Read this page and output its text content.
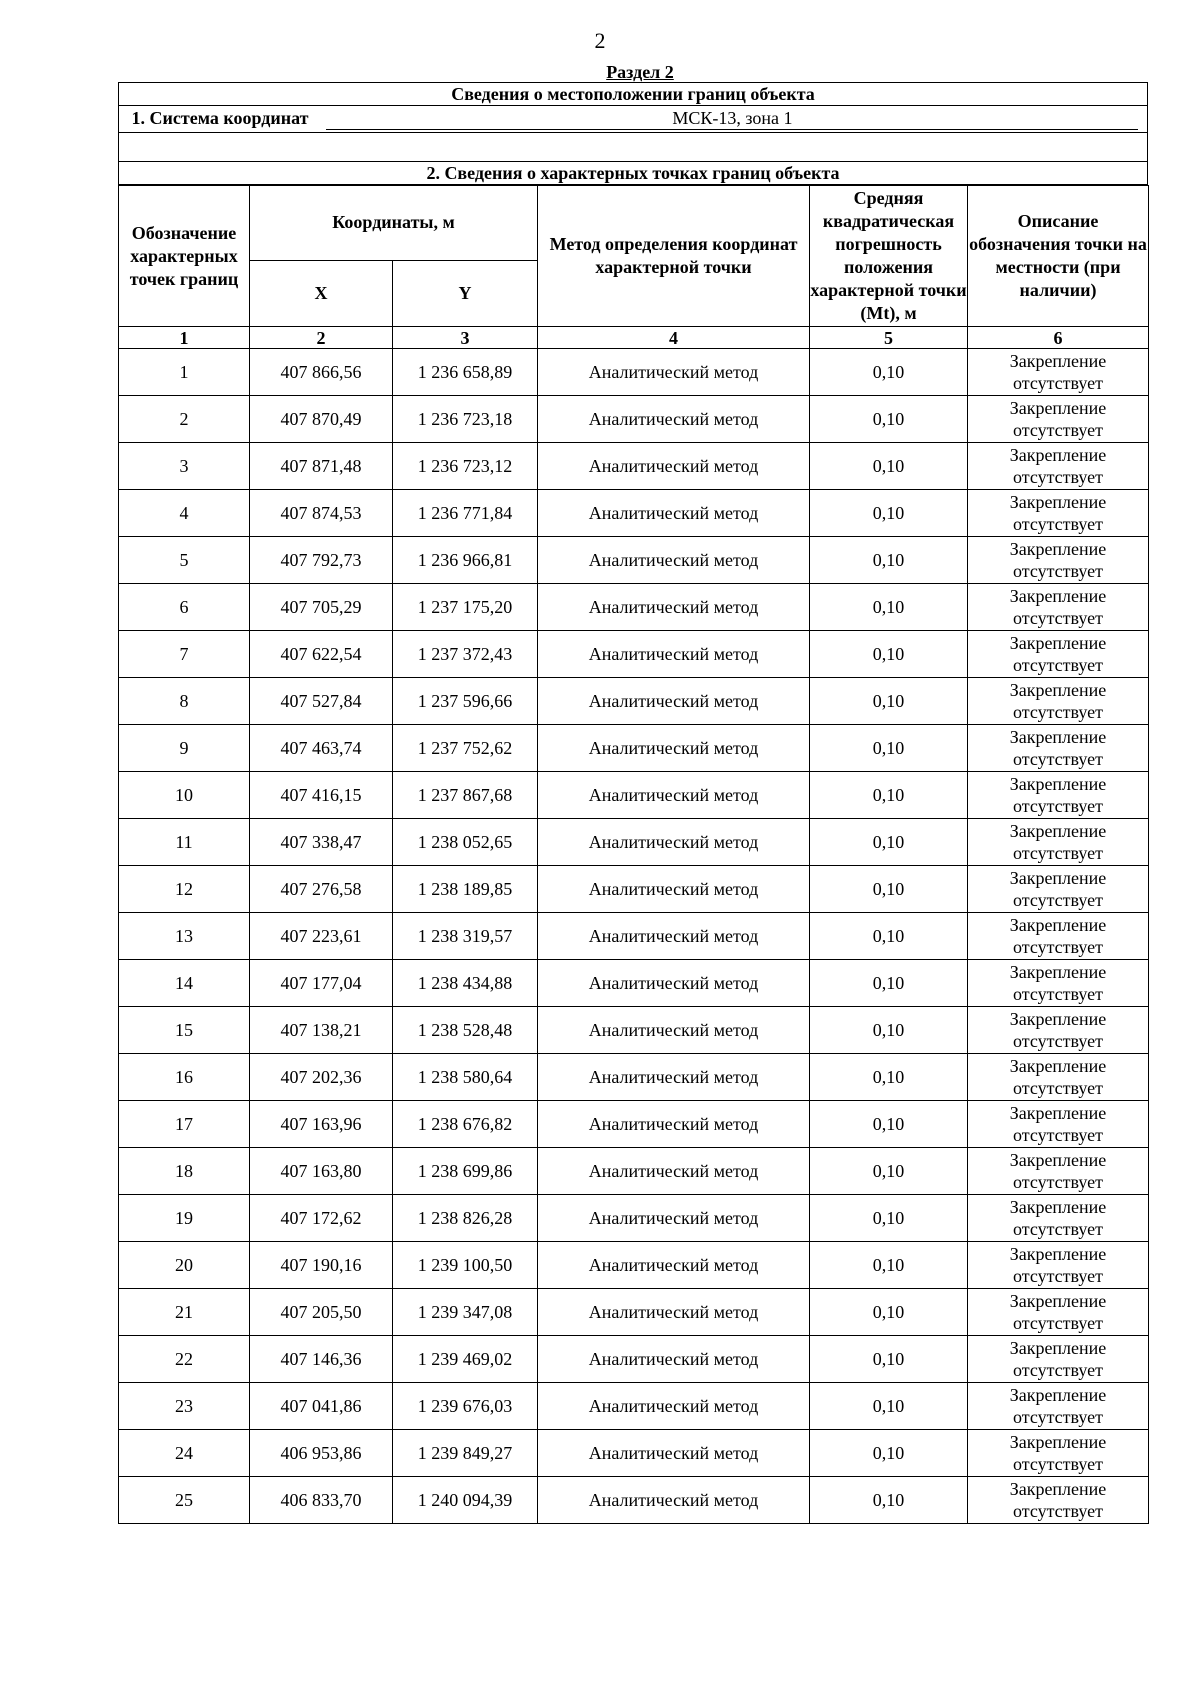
2
Раздел 2
Сведения о местоположении границ объекта
1. Система координат	МСК-13, зона 1

2. Сведения о характерных точках границ объекта
Обозначение характерных точек границ	Координаты, м		Метод определения координат характерной точки	Средняя квадратическая погрешность положения характерной точки (Mt), м	Описание обозначения точки на местности (при наличии)
	X	Y			
1	2	3	4	5	6
1	407 866,56	1 236 658,89	Аналитический метод	0,10	Закрепление отсутствует
2	407 870,49	1 236 723,18	Аналитический метод	0,10	Закрепление отсутствует
3	407 871,48	1 236 723,12	Аналитический метод	0,10	Закрепление отсутствует
4	407 874,53	1 236 771,84	Аналитический метод	0,10	Закрепление отсутствует
5	407 792,73	1 236 966,81	Аналитический метод	0,10	Закрепление отсутствует
6	407 705,29	1 237 175,20	Аналитический метод	0,10	Закрепление отсутствует
7	407 622,54	1 237 372,43	Аналитический метод	0,10	Закрепление отсутствует
8	407 527,84	1 237 596,66	Аналитический метод	0,10	Закрепление отсутствует
9	407 463,74	1 237 752,62	Аналитический метод	0,10	Закрепление отсутствует
10	407 416,15	1 237 867,68	Аналитический метод	0,10	Закрепление отсутствует
11	407 338,47	1 238 052,65	Аналитический метод	0,10	Закрепление отсутствует
12	407 276,58	1 238 189,85	Аналитический метод	0,10	Закрепление отсутствует
13	407 223,61	1 238 319,57	Аналитический метод	0,10	Закрепление отсутствует
14	407 177,04	1 238 434,88	Аналитический метод	0,10	Закрепление отсутствует
15	407 138,21	1 238 528,48	Аналитический метод	0,10	Закрепление отсутствует
16	407 202,36	1 238 580,64	Аналитический метод	0,10	Закрепление отсутствует
17	407 163,96	1 238 676,82	Аналитический метод	0,10	Закрепление отсутствует
18	407 163,80	1 238 699,86	Аналитический метод	0,10	Закрепление отсутствует
19	407 172,62	1 238 826,28	Аналитический метод	0,10	Закрепление отсутствует
20	407 190,16	1 239 100,50	Аналитический метод	0,10	Закрепление отсутствует
21	407 205,50	1 239 347,08	Аналитический метод	0,10	Закрепление отсутствует
22	407 146,36	1 239 469,02	Аналитический метод	0,10	Закрепление отсутствует
23	407 041,86	1 239 676,03	Аналитический метод	0,10	Закрепление отсутствует
24	406 953,86	1 239 849,27	Аналитический метод	0,10	Закрепление отсутствует
25	406 833,70	1 240 094,39	Аналитический метод	0,10	Закрепление отсутствует
